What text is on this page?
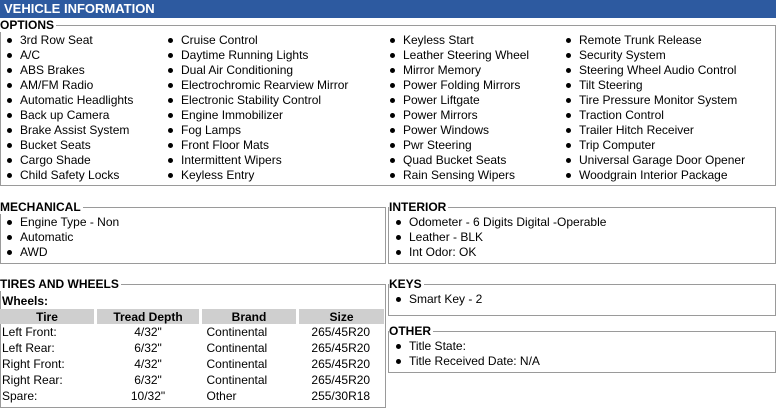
VEHICLE INFORMATION
OPTIONS
3rd Row Seat
A/C
ABS Brakes
AM/FM Radio
Automatic Headlights
Back up Camera
Brake Assist System
Bucket Seats
Cargo Shade
Child Safety Locks
Cruise Control
Daytime Running Lights
Dual Air Conditioning
Electrochromic Rearview Mirror
Electronic Stability Control
Engine Immobilizer
Fog Lamps
Front Floor Mats
Intermittent Wipers
Keyless Entry
Keyless Start
Leather Steering Wheel
Mirror Memory
Power Folding Mirrors
Power Liftgate
Power Mirrors
Power Windows
Pwr Steering
Quad Bucket Seats
Rain Sensing Wipers
Remote Trunk Release
Security System
Steering Wheel Audio Control
Tilt Steering
Tire Pressure Monitor System
Traction Control
Trailer Hitch Receiver
Trip Computer
Universal Garage Door Opener
Woodgrain Interior Package
MECHANICAL
Engine Type - Non
Automatic
AWD
INTERIOR
Odometer - 6 Digits Digital -Operable
Leather - BLK
Int Odor: OK
TIRES AND WHEELS
Wheels:
Tire	Tread Depth	Brand	Size
Left Front:	4/32"	Continental	265/45R20
Left Rear:	6/32"	Continental	265/45R20
Right Front:	4/32"	Continental	265/45R20
Right Rear:	6/32"	Continental	265/45R20
Spare:	10/32"	Other	255/30R18
KEYS
Smart Key - 2
OTHER
Title State:
Title Received Date: N/A
